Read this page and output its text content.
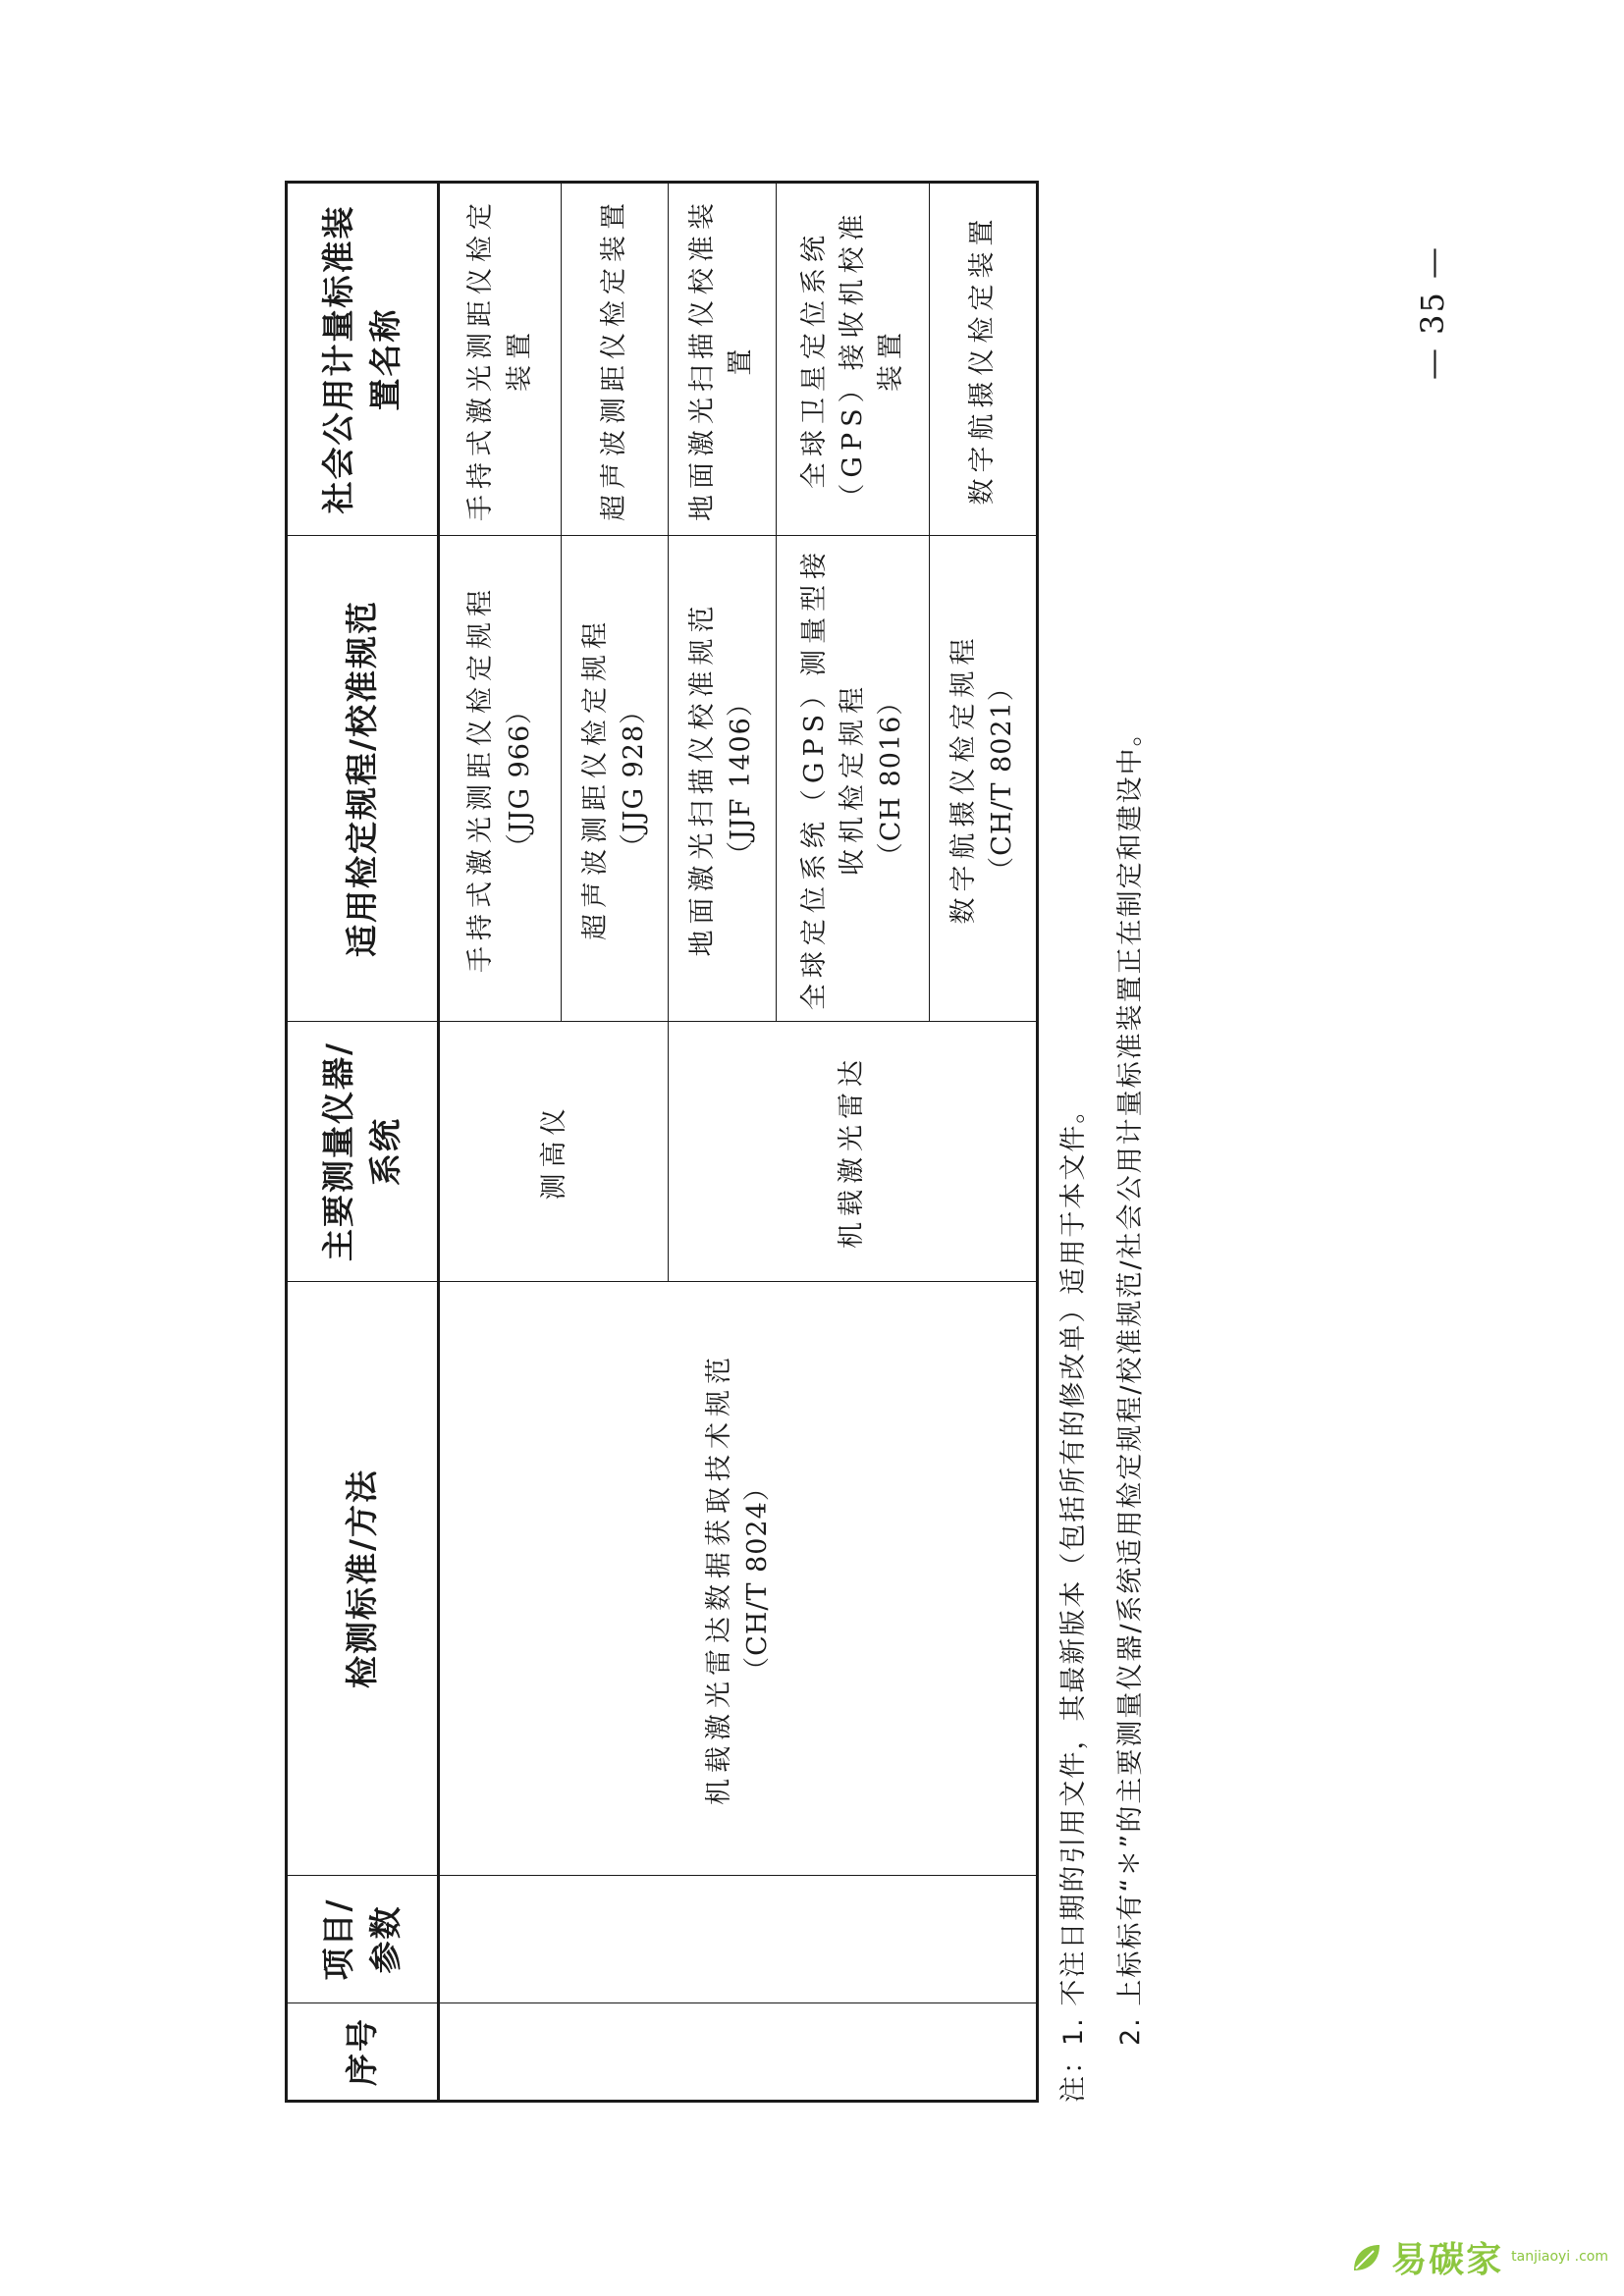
序号	项目/参数	检测标准/方法	主要测量仪器/系统	适用检定规程/校准规范	社会公用计量标准装置名称

		机载激光雷达数据获取技术规范 （CH/T 8024）	测高仪	手持式激光测距仪检定规程 （JJG 966）	手持式激光测距仪检定装置

				超声波测距仪检定规程 （JJG 928）	超声波测距仪检定装置
			机载激光雷达	地面激光扫描仪校准规范 （JJF 1406）	地面激光扫描仪校准装置

				全球定位系统（GPS）测量型接收机检定规程 （CH 8016）	全球卫星定位系统（GPS）接收机校准装置

				数字航摄仪检定规程 （CH/T 8021）	数字航摄仪检定装置
注：1. 不注日期的引用文件，其最新版本（包括所有的修改单）适用于本文件。 2. 上标标有“＊”的主要测量仪器/系统适用检定规程/校准规范/社会公用计量标准装置正在制定和建设中。
— 35 —
易碳家 tanjiaoyi .com
